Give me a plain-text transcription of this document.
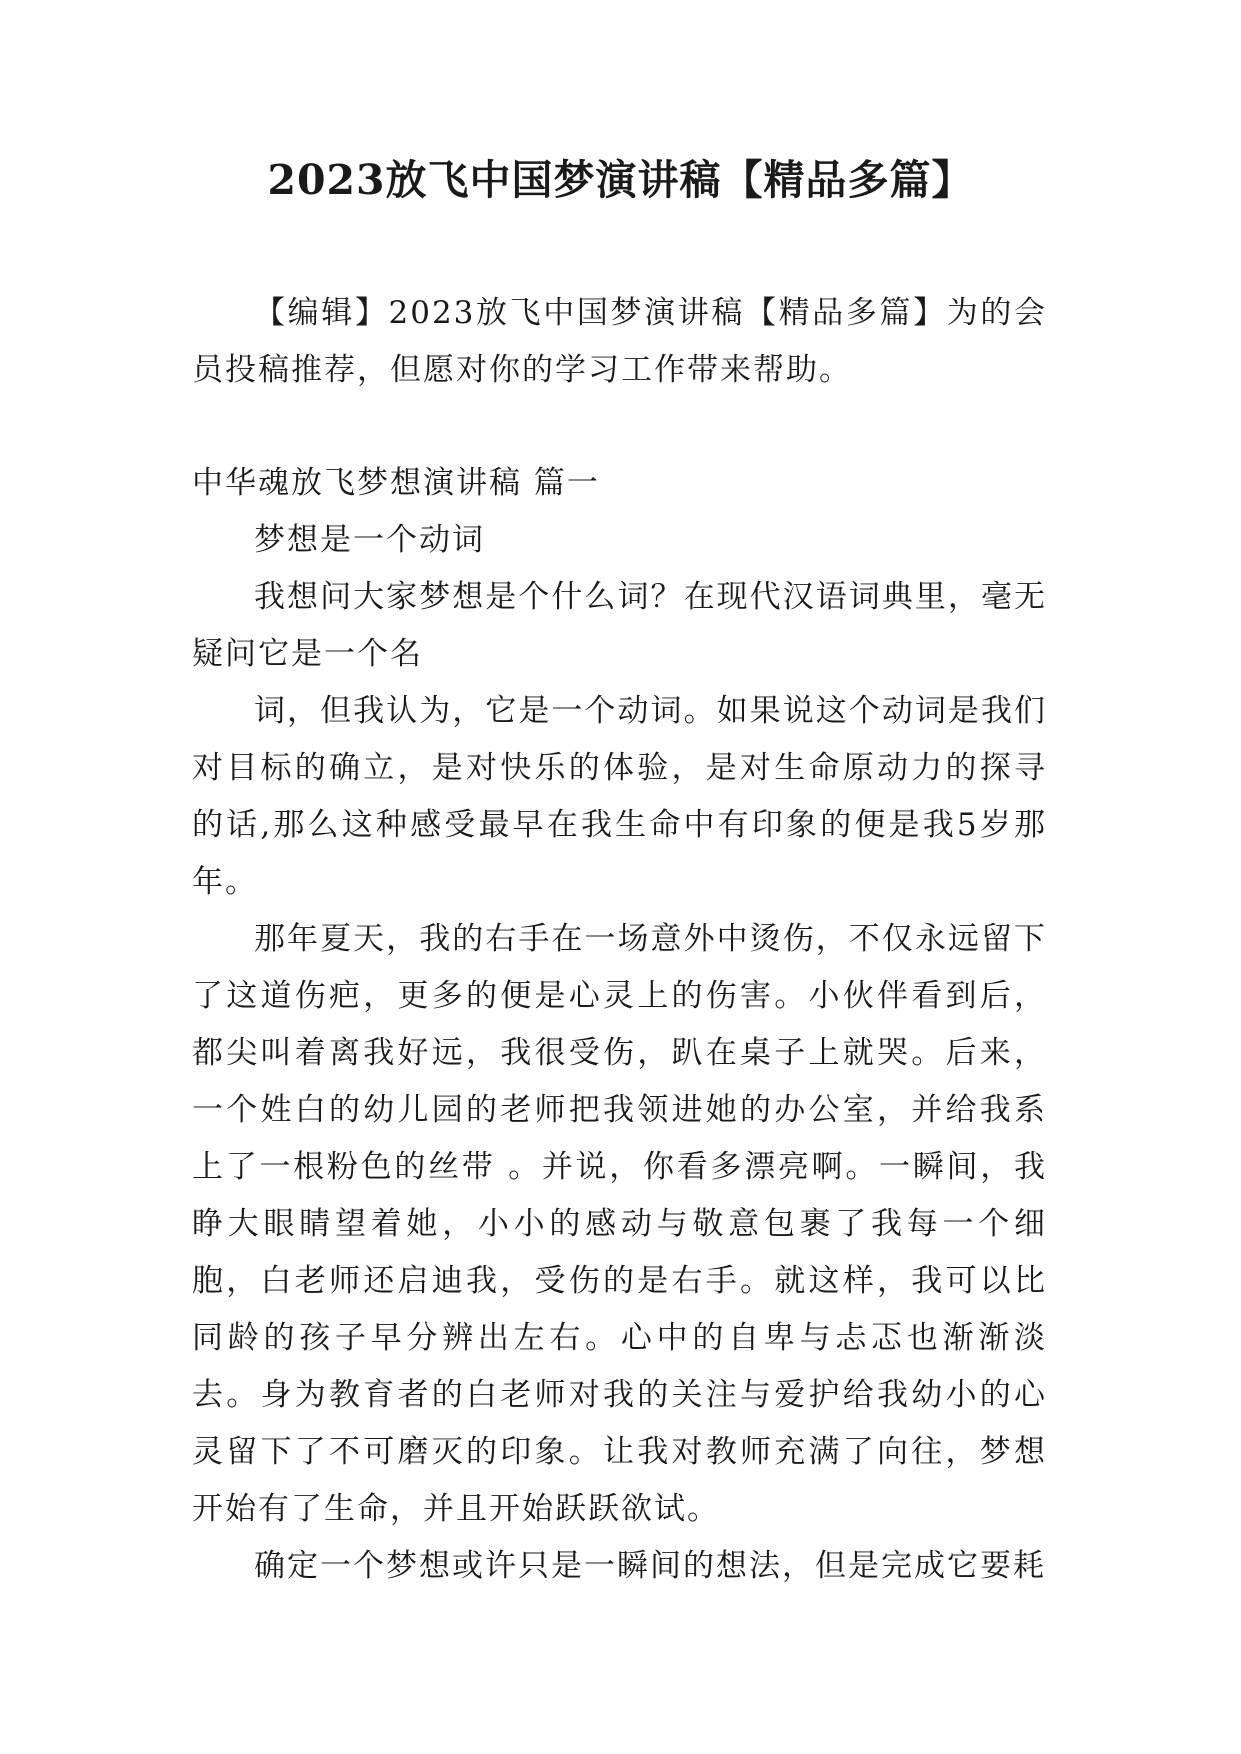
2023放飞中国梦演讲稿【精品多篇】

【编辑】2023放飞中国梦演讲稿【精品多篇】为的会员投稿推荐，但愿对你的学习工作带来帮助。

中华魂放飞梦想演讲稿 篇一

梦想是一个动词

我想问大家梦想是个什么词？在现代汉语词典里，毫无疑问它是一个名

词，但我认为，它是一个动词。如果说这个动词是我们对目标的确立，是对快乐的体验，是对生命原动力的探寻的话,那么这种感受最早在我生命中有印象的便是我5岁那年。

那年夏天，我的右手在一场意外中烫伤，不仅永远留下了这道伤疤，更多的便是心灵上的伤害。小伙伴看到后，都尖叫着离我好远，我很受伤，趴在桌子上就哭。后来，一个姓白的幼儿园的老师把我领进她的办公室，并给我系上了一根粉色的丝带 。并说，你看多漂亮啊。一瞬间，我睁大眼睛望着她，小小的感动与敬意包裹了我每一个细胞，白老师还启迪我，受伤的是右手。就这样，我可以比同龄的孩子早分辨出左右。心中的自卑与忐忑也渐渐淡去。身为教育者的白老师对我的关注与爱护给我幼小的心灵留下了不可磨灭的印象。让我对教师充满了向往，梦想开始有了生命，并且开始跃跃欲试。

确定一个梦想或许只是一瞬间的想法，但是完成它要耗
